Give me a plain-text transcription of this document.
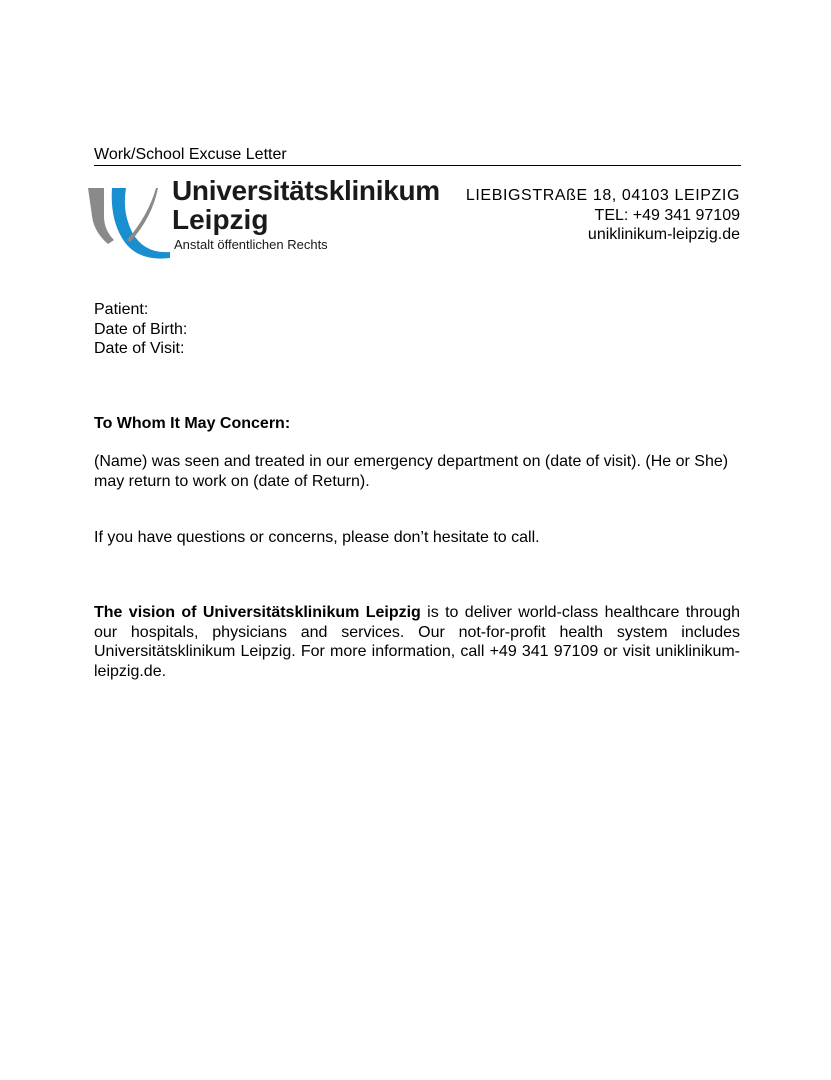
Work/School Excuse Letter
Universitätsklinikum
Leipzig
Anstalt öffentlichen Rechts
LIEBIGSTRAßE 18, 04103 LEIPZIG
TEL: +49 341 97109
uniklinikum-leipzig.de
Patient:
Date of Birth:
Date of Visit:
To Whom It May Concern:
(Name) was seen and treated in our emergency department on (date of visit). (He or She) may return to work on (date of Return).
If you have questions or concerns, please don’t hesitate to call.
The vision of Universitätsklinikum Leipzig is to deliver world-class healthcare through our hospitals, physicians and services. Our not-for-profit health system includes Universitätsklinikum Leipzig. For more information, call +49 341 97109 or visit uniklinikum-leipzig.de.
